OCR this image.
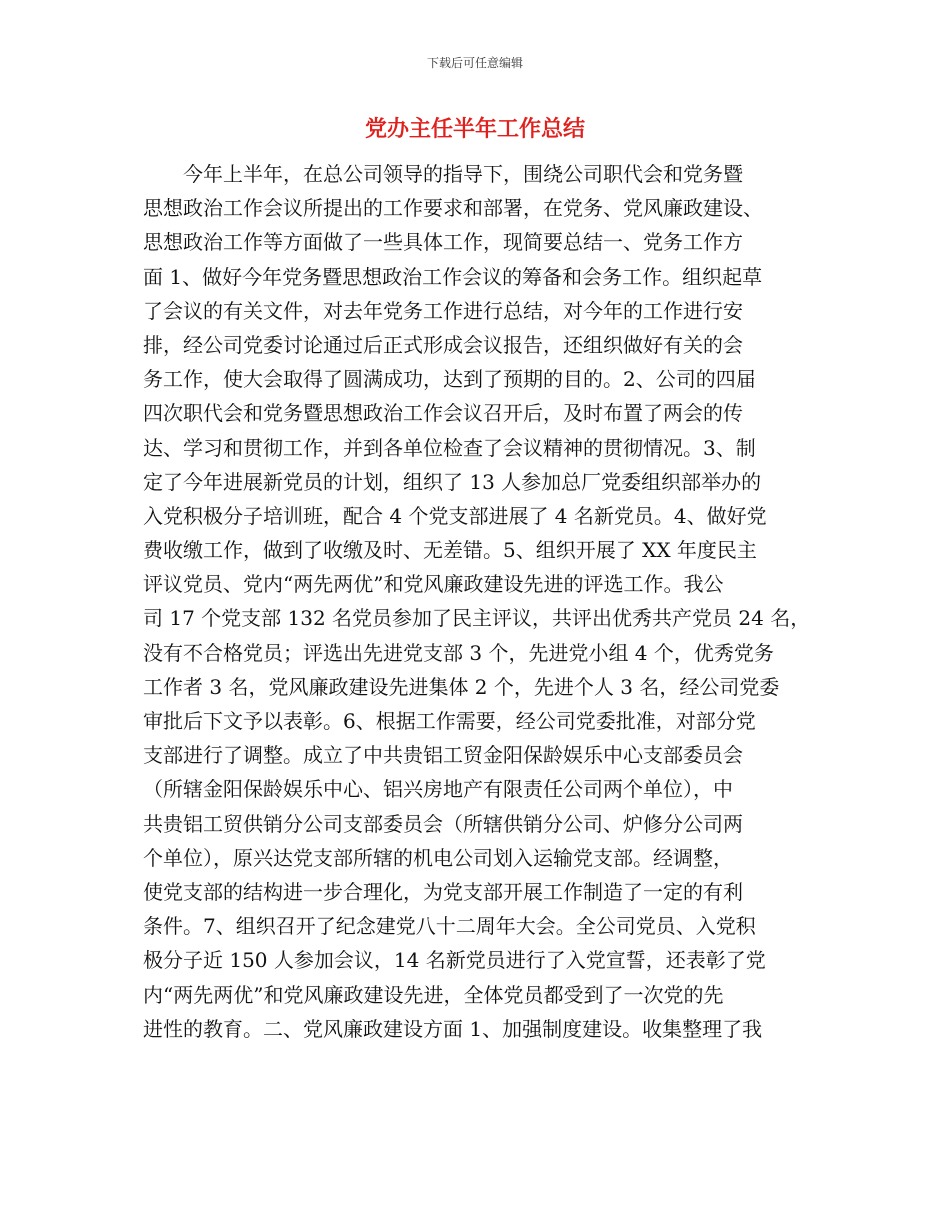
下载后可任意编辑
党办主任半年工作总结
今年上半年，在总公司领导的指导下，围绕公司职代会和党务暨
思想政治工作会议所提出的工作要求和部署，在党务、党风廉政建设、
思想政治工作等方面做了一些具体工作，现简要总结一、党务工作方
面 1、做好今年党务暨思想政治工作会议的筹备和会务工作。组织起草
了会议的有关文件，对去年党务工作进行总结，对今年的工作进行安
排，经公司党委讨论通过后正式形成会议报告，还组织做好有关的会
务工作，使大会取得了圆满成功，达到了预期的目的。2、公司的四届
四次职代会和党务暨思想政治工作会议召开后，及时布置了两会的传
达、学习和贯彻工作，并到各单位检查了会议精神的贯彻情况。3、制
定了今年进展新党员的计划，组织了 13 人参加总厂党委组织部举办的
入党积极分子培训班，配合 4 个党支部进展了 4 名新党员。4、做好党
费收缴工作，做到了收缴及时、无差错。5、组织开展了 XX 年度民主
评议党员、党内“两先两优”和党风廉政建设先进的评选工作。我公
司 17 个党支部 132 名党员参加了民主评议，共评出优秀共产党员 24 名，
没有不合格党员；评选出先进党支部 3 个，先进党小组 4 个，优秀党务
工作者 3 名，党风廉政建设先进集体 2 个，先进个人 3 名，经公司党委
审批后下文予以表彰。6、根据工作需要，经公司党委批准，对部分党
支部进行了调整。成立了中共贵铝工贸金阳保龄娱乐中心支部委员会
（所辖金阳保龄娱乐中心、铝兴房地产有限责任公司两个单位），中
共贵铝工贸供销分公司支部委员会（所辖供销分公司、炉修分公司两
个单位），原兴达党支部所辖的机电公司划入运输党支部。经调整，
使党支部的结构进一步合理化，为党支部开展工作制造了一定的有利
条件。7、组织召开了纪念建党八十二周年大会。全公司党员、入党积
极分子近 150 人参加会议，14 名新党员进行了入党宣誓，还表彰了党
内“两先两优”和党风廉政建设先进，全体党员都受到了一次党的先
进性的教育。二、党风廉政建设方面 1、加强制度建设。收集整理了我
